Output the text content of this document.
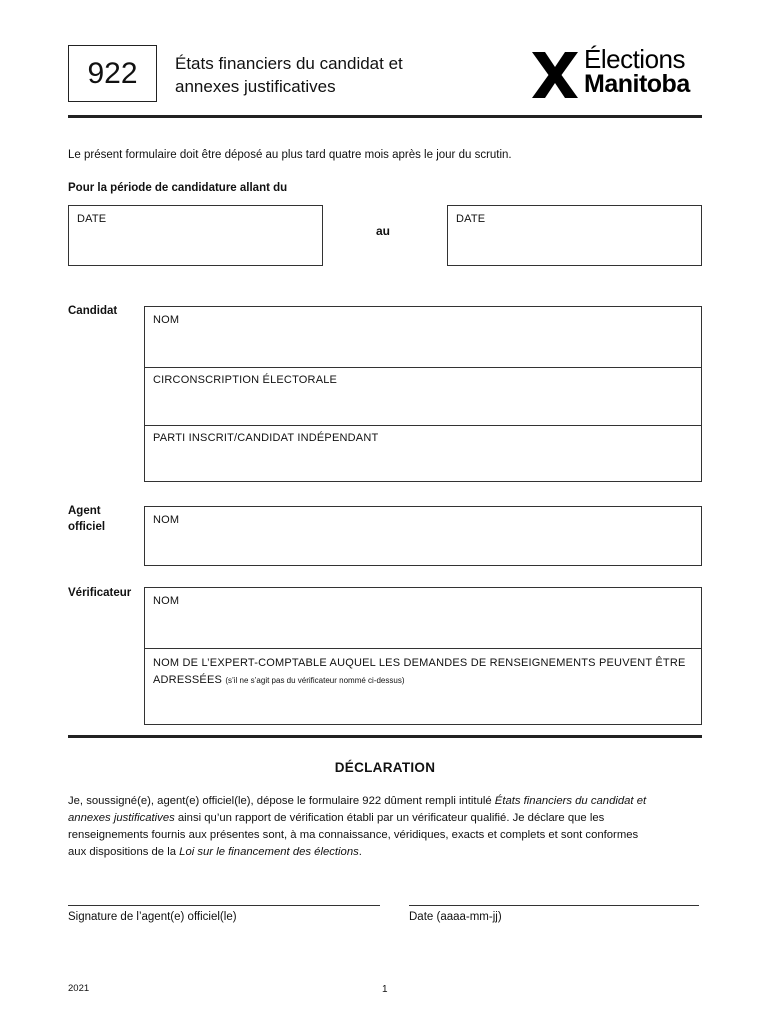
922 États financiers du candidat et
annexes justificatives
Élections
Manitoba
Le présent formulaire doit être déposé au plus tard quatre mois après le jour du scrutin.
Pour la période de candidature allant du
DATE
au
DATE
Candidat
NOM
CIRCONSCRIPTION ÉLECTORALE
PARTI INSCRIT/CANDIDAT INDÉPENDANT
Agent
officiel
NOM
Vérificateur
NOM
NOM DE L’EXPERT-COMPTABLE AUQUEL LES DEMANDES DE RENSEIGNEMENTS PEUVENT ÊTRE
ADRESSÉES (s’il ne s’agit pas du vérificateur nommé ci-dessus)
DÉCLARATION
Je, soussigné(e), agent(e) officiel(le), dépose le formulaire 922 dûment rempli intitulé États financiers du candidat et annexes justificatives ainsi qu’un rapport de vérification établi par un vérificateur qualifié. Je déclare que les renseignements fournis aux présentes sont, à ma connaissance, véridiques, exacts et complets et sont conformes aux dispositions de la Loi sur le financement des élections.
Signature de l’agent(e) officiel(le)	Date (aaaa-mm-jj)
2021	1
